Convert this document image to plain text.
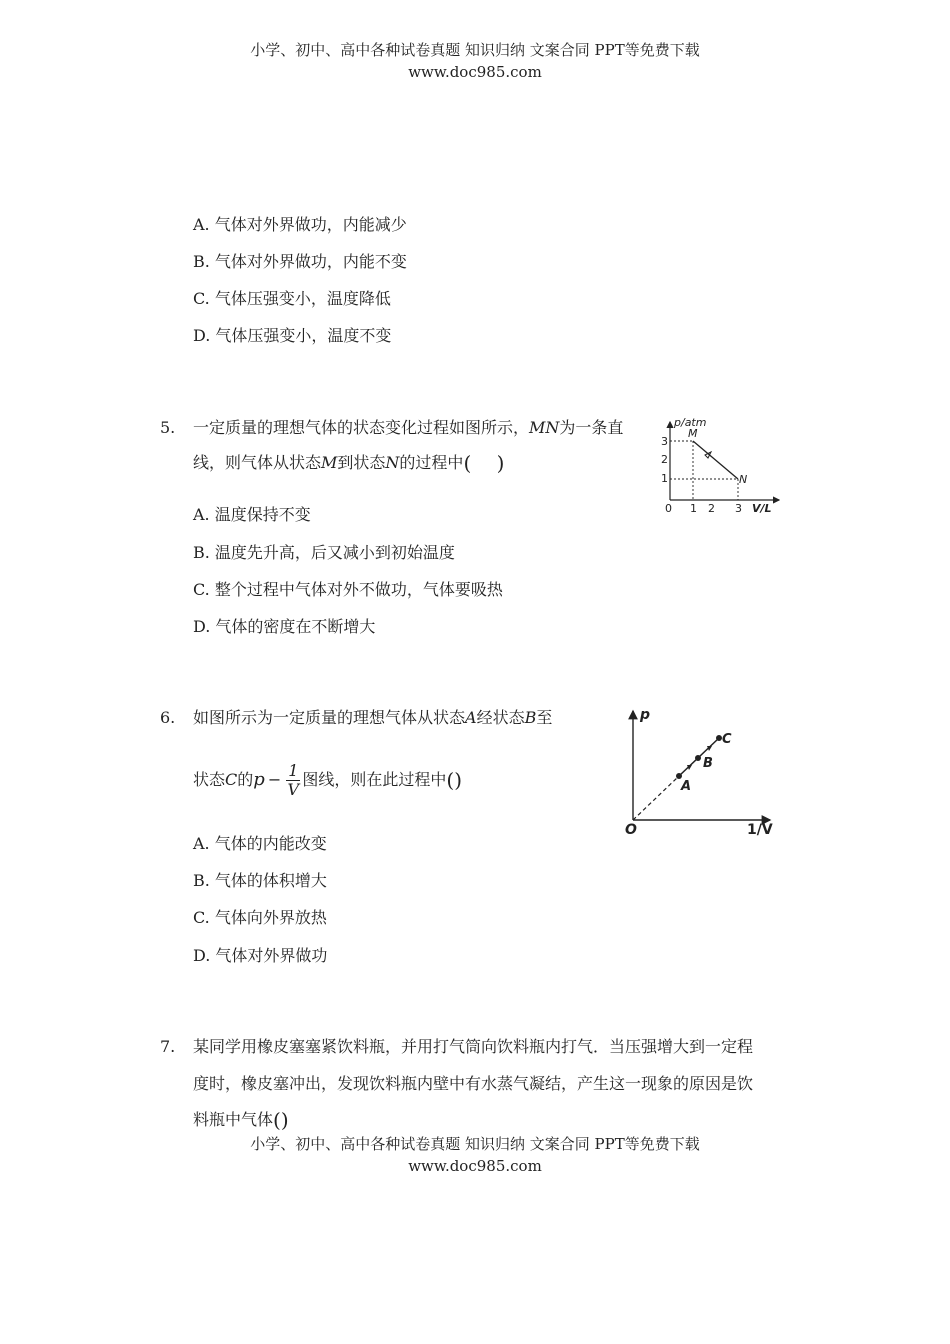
小学、初中、高中各种试卷真题 知识归纳 文案合同 PPT等免费下载
www.doc985.com
A. 气体对外界做功，内能减少
B. 气体对外界做功，内能不变
C. 气体压强变小，温度降低
D. 气体压强变小，温度不变
5. 一定质量的理想气体的状态变化过程如图所示，MN为一条直
线，则气体从状态M到状态N的过程中(    )
p/atm
3
2
1
0 1 2 3 V/L
M
N
A. 温度保持不变
B. 温度先升高，后又减小到初始温度
C. 整个过程中气体对外不做功，气体要吸热
D. 气体的密度在不断增大
6. 如图所示为一定质量的理想气体从状态A经状态B至
状态C的$p - \frac{1}{V}$ 图线，则在此过程中()
p
O	1/V
A
B
C
A. 气体的内能改变
B. 气体的体积增大
C. 气体向外界放热
D. 气体对外界做功
7. 某同学用橡皮塞塞紧饮料瓶，并用打气筒向饮料瓶内打气．当压强增大到一定程
度时，橡皮塞冲出，发现饮料瓶内壁中有水蒸气凝结，产生这一现象的原因是饮
料瓶中气体()
小学、初中、高中各种试卷真题 知识归纳 文案合同 PPT等免费下载
www.doc985.com
